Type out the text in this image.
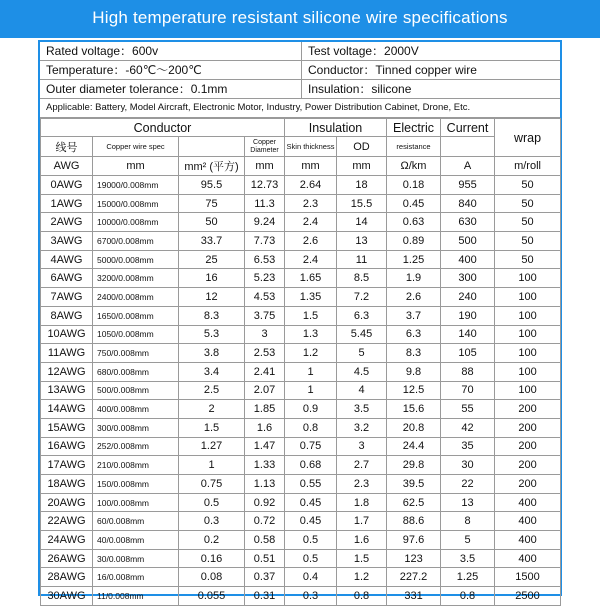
High temperature resistant silicone wire specifications
Rated voltage：600v	Test voltage：2000V
Temperature：-60℃～200℃	Conductor：Tinned copper wire
Outer diameter tolerance：0.1mm	Insulation：silicone
Applicable: Battery, Model Aircraft, Electronic Motor, Industry, Power Distribution Cabinet, Drone, Etc.
Conductor				Insulation		Electric	Current	wrap
线号	Copper wire spec		Copper Diameter	Skin thickness	OD	resistance		
AWG	mm	mm² (平方)	mm	mm	mm	Ω/km	A	m/roll
0AWG	19000/0.008mm	95.5	12.73	2.64	18	0.18	955	50
1AWG	15000/0.008mm	75	11.3	2.3	15.5	0.45	840	50
2AWG	10000/0.008mm	50	9.24	2.4	14	0.63	630	50
3AWG	6700/0.008mm	33.7	7.73	2.6	13	0.89	500	50
4AWG	5000/0.008mm	25	6.53	2.4	11	1.25	400	50
6AWG	3200/0.008mm	16	5.23	1.65	8.5	1.9	300	100
7AWG	2400/0.008mm	12	4.53	1.35	7.2	2.6	240	100
8AWG	1650/0.008mm	8.3	3.75	1.5	6.3	3.7	190	100
10AWG	1050/0.008mm	5.3	3	1.3	5.45	6.3	140	100
11AWG	750/0.008mm	3.8	2.53	1.2	5	8.3	105	100
12AWG	680/0.008mm	3.4	2.41	1	4.5	9.8	88	100
13AWG	500/0.008mm	2.5	2.07	1	4	12.5	70	100
14AWG	400/0.008mm	2	1.85	0.9	3.5	15.6	55	200
15AWG	300/0.008mm	1.5	1.6	0.8	3.2	20.8	42	200
16AWG	252/0.008mm	1.27	1.47	0.75	3	24.4	35	200
17AWG	210/0.008mm	1	1.33	0.68	2.7	29.8	30	200
18AWG	150/0.008mm	0.75	1.13	0.55	2.3	39.5	22	200
20AWG	100/0.008mm	0.5	0.92	0.45	1.8	62.5	13	400
22AWG	60/0.008mm	0.3	0.72	0.45	1.7	88.6	8	400
24AWG	40/0.008mm	0.2	0.58	0.5	1.6	97.6	5	400
26AWG	30/0.008mm	0.16	0.51	0.5	1.5	123	3.5	400
28AWG	16/0.008mm	0.08	0.37	0.4	1.2	227.2	1.25	1500
30AWG	11/0.008mm	0.055	0.31	0.3	0.8	331	0.8	2500
